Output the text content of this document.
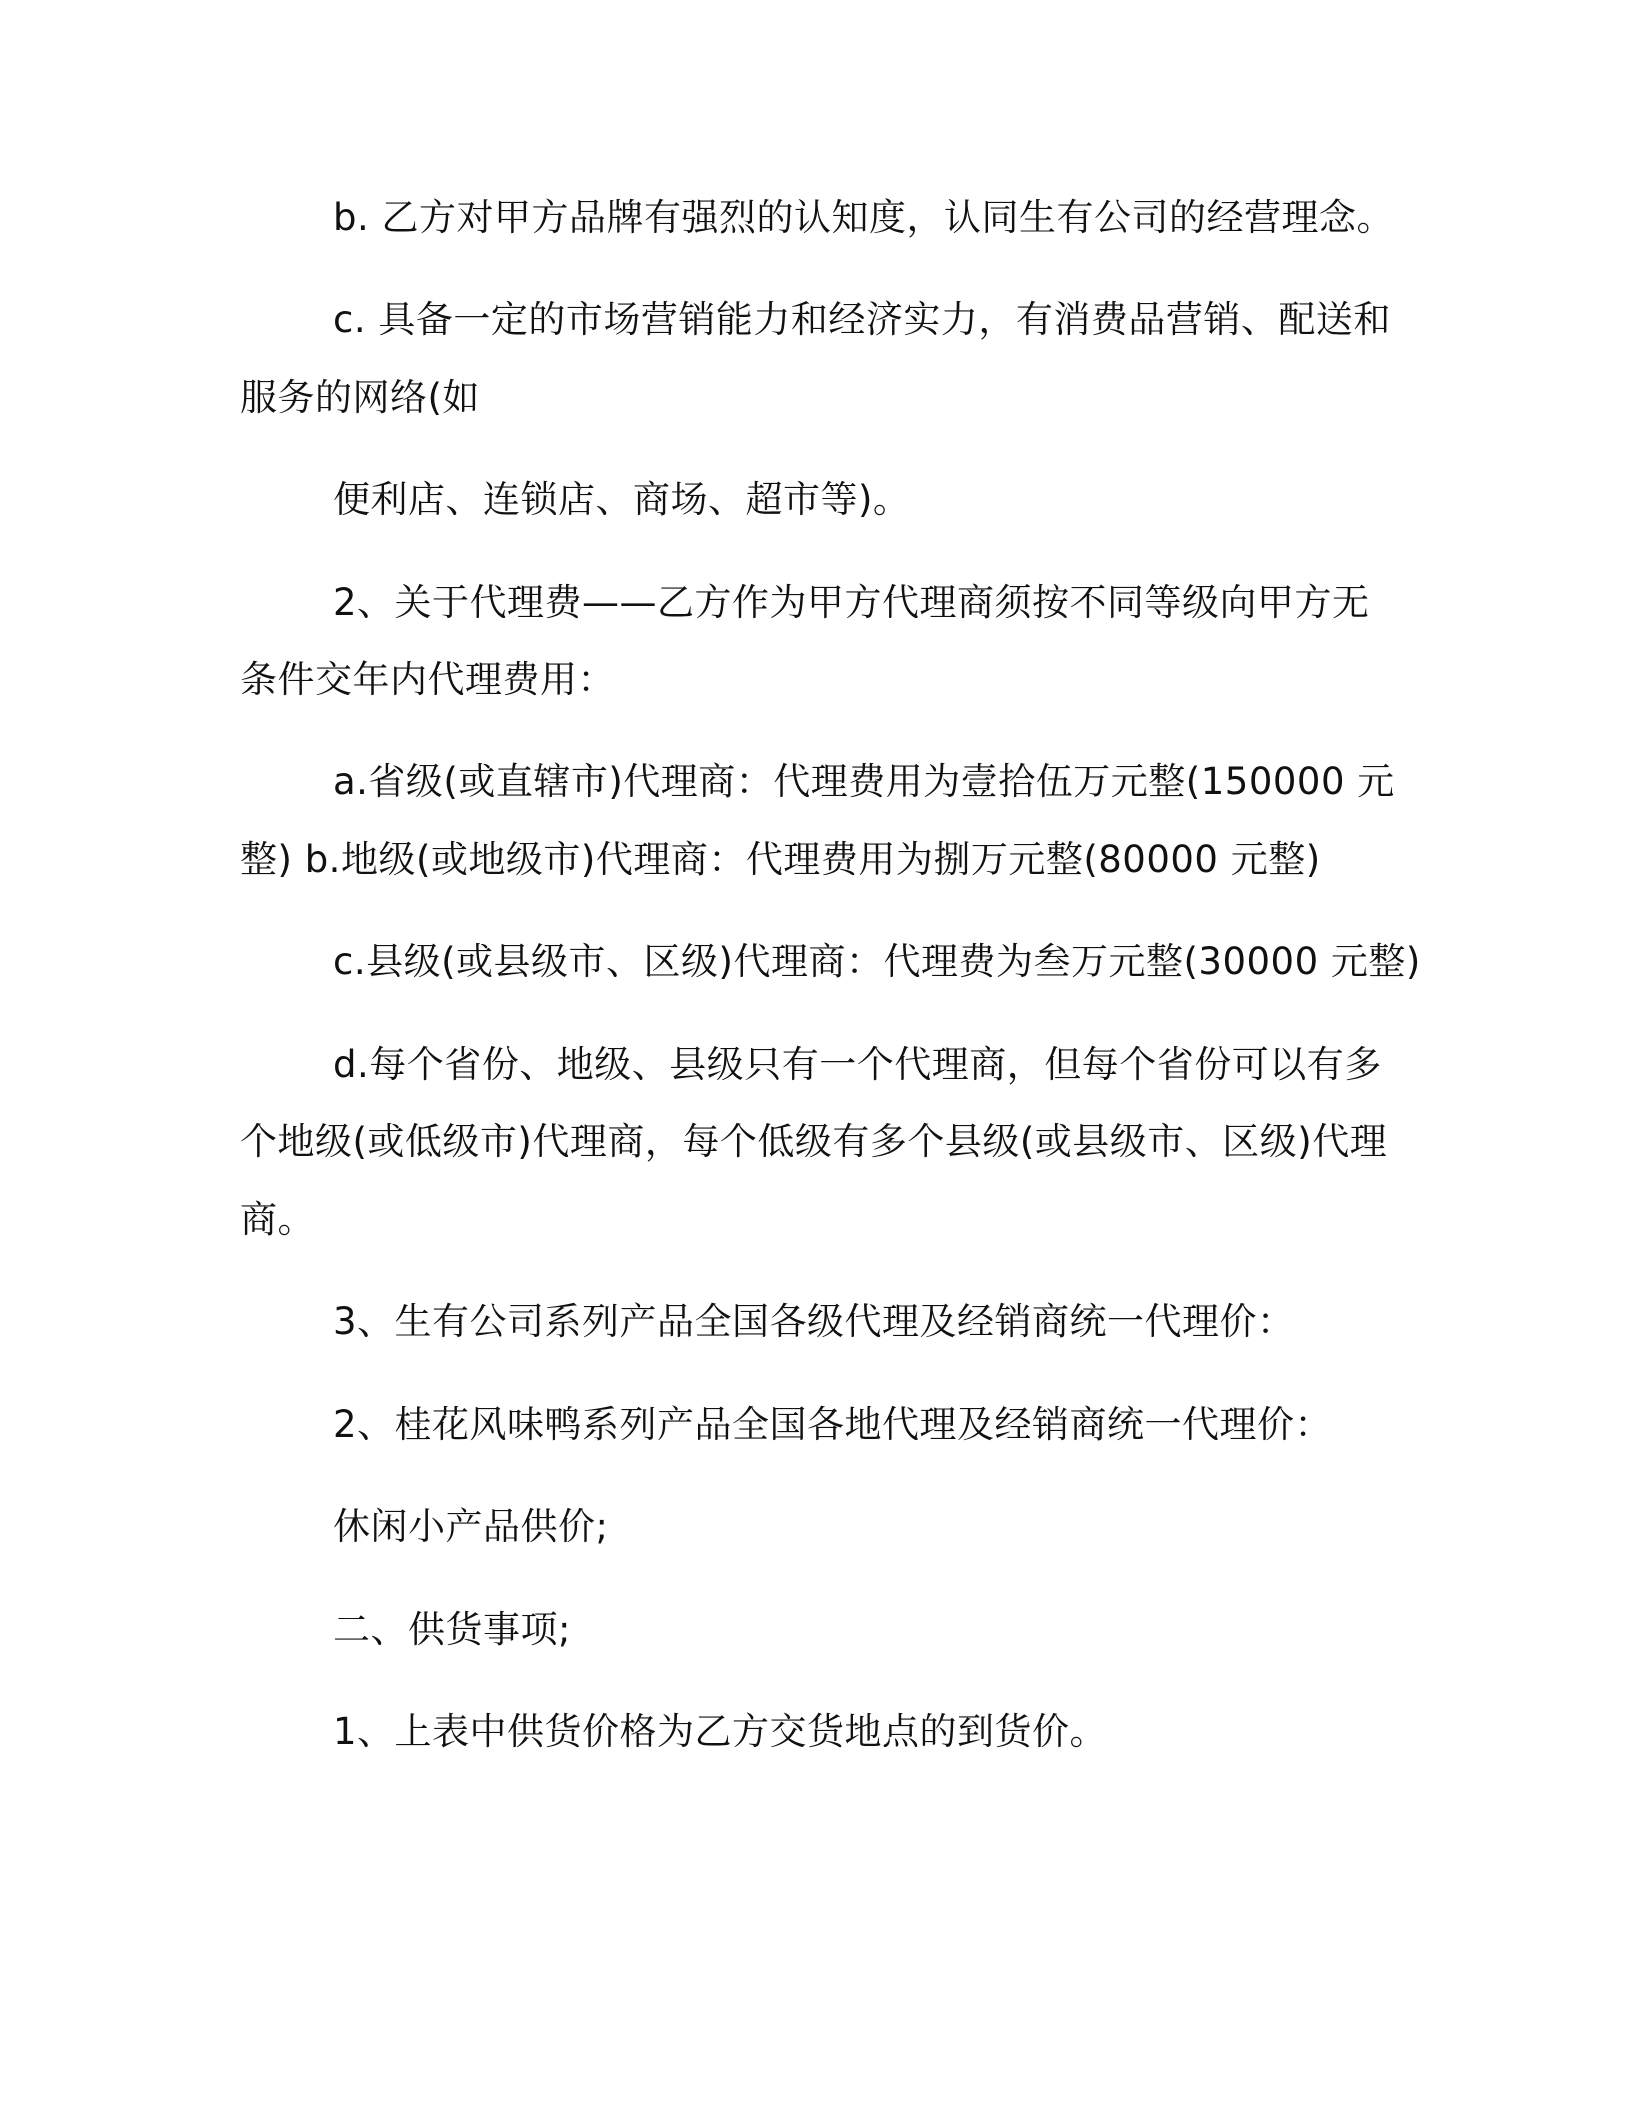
b. 乙方对甲方品牌有强烈的认知度，认同生有公司的经营理念。
c. 具备一定的市场营销能力和经济实力，有消费品营销、配送和
服务的网络(如
便利店、连锁店、商场、超市等)。
2、关于代理费——乙方作为甲方代理商须按不同等级向甲方无
条件交年内代理费用：
a.省级(或直辖市)代理商：代理费用为壹拾伍万元整(150000 元
整) b.地级(或地级市)代理商：代理费用为捌万元整(80000 元整)
c.县级(或县级市、区级)代理商：代理费为叁万元整(30000 元整)
d.每个省份、地级、县级只有一个代理商，但每个省份可以有多
个地级(或低级市)代理商，每个低级有多个县级(或县级市、区级)代理
商。
3、生有公司系列产品全国各级代理及经销商统一代理价：
2、桂花风味鸭系列产品全国各地代理及经销商统一代理价：
休闲小产品供价;
二、供货事项;
1、上表中供货价格为乙方交货地点的到货价。
